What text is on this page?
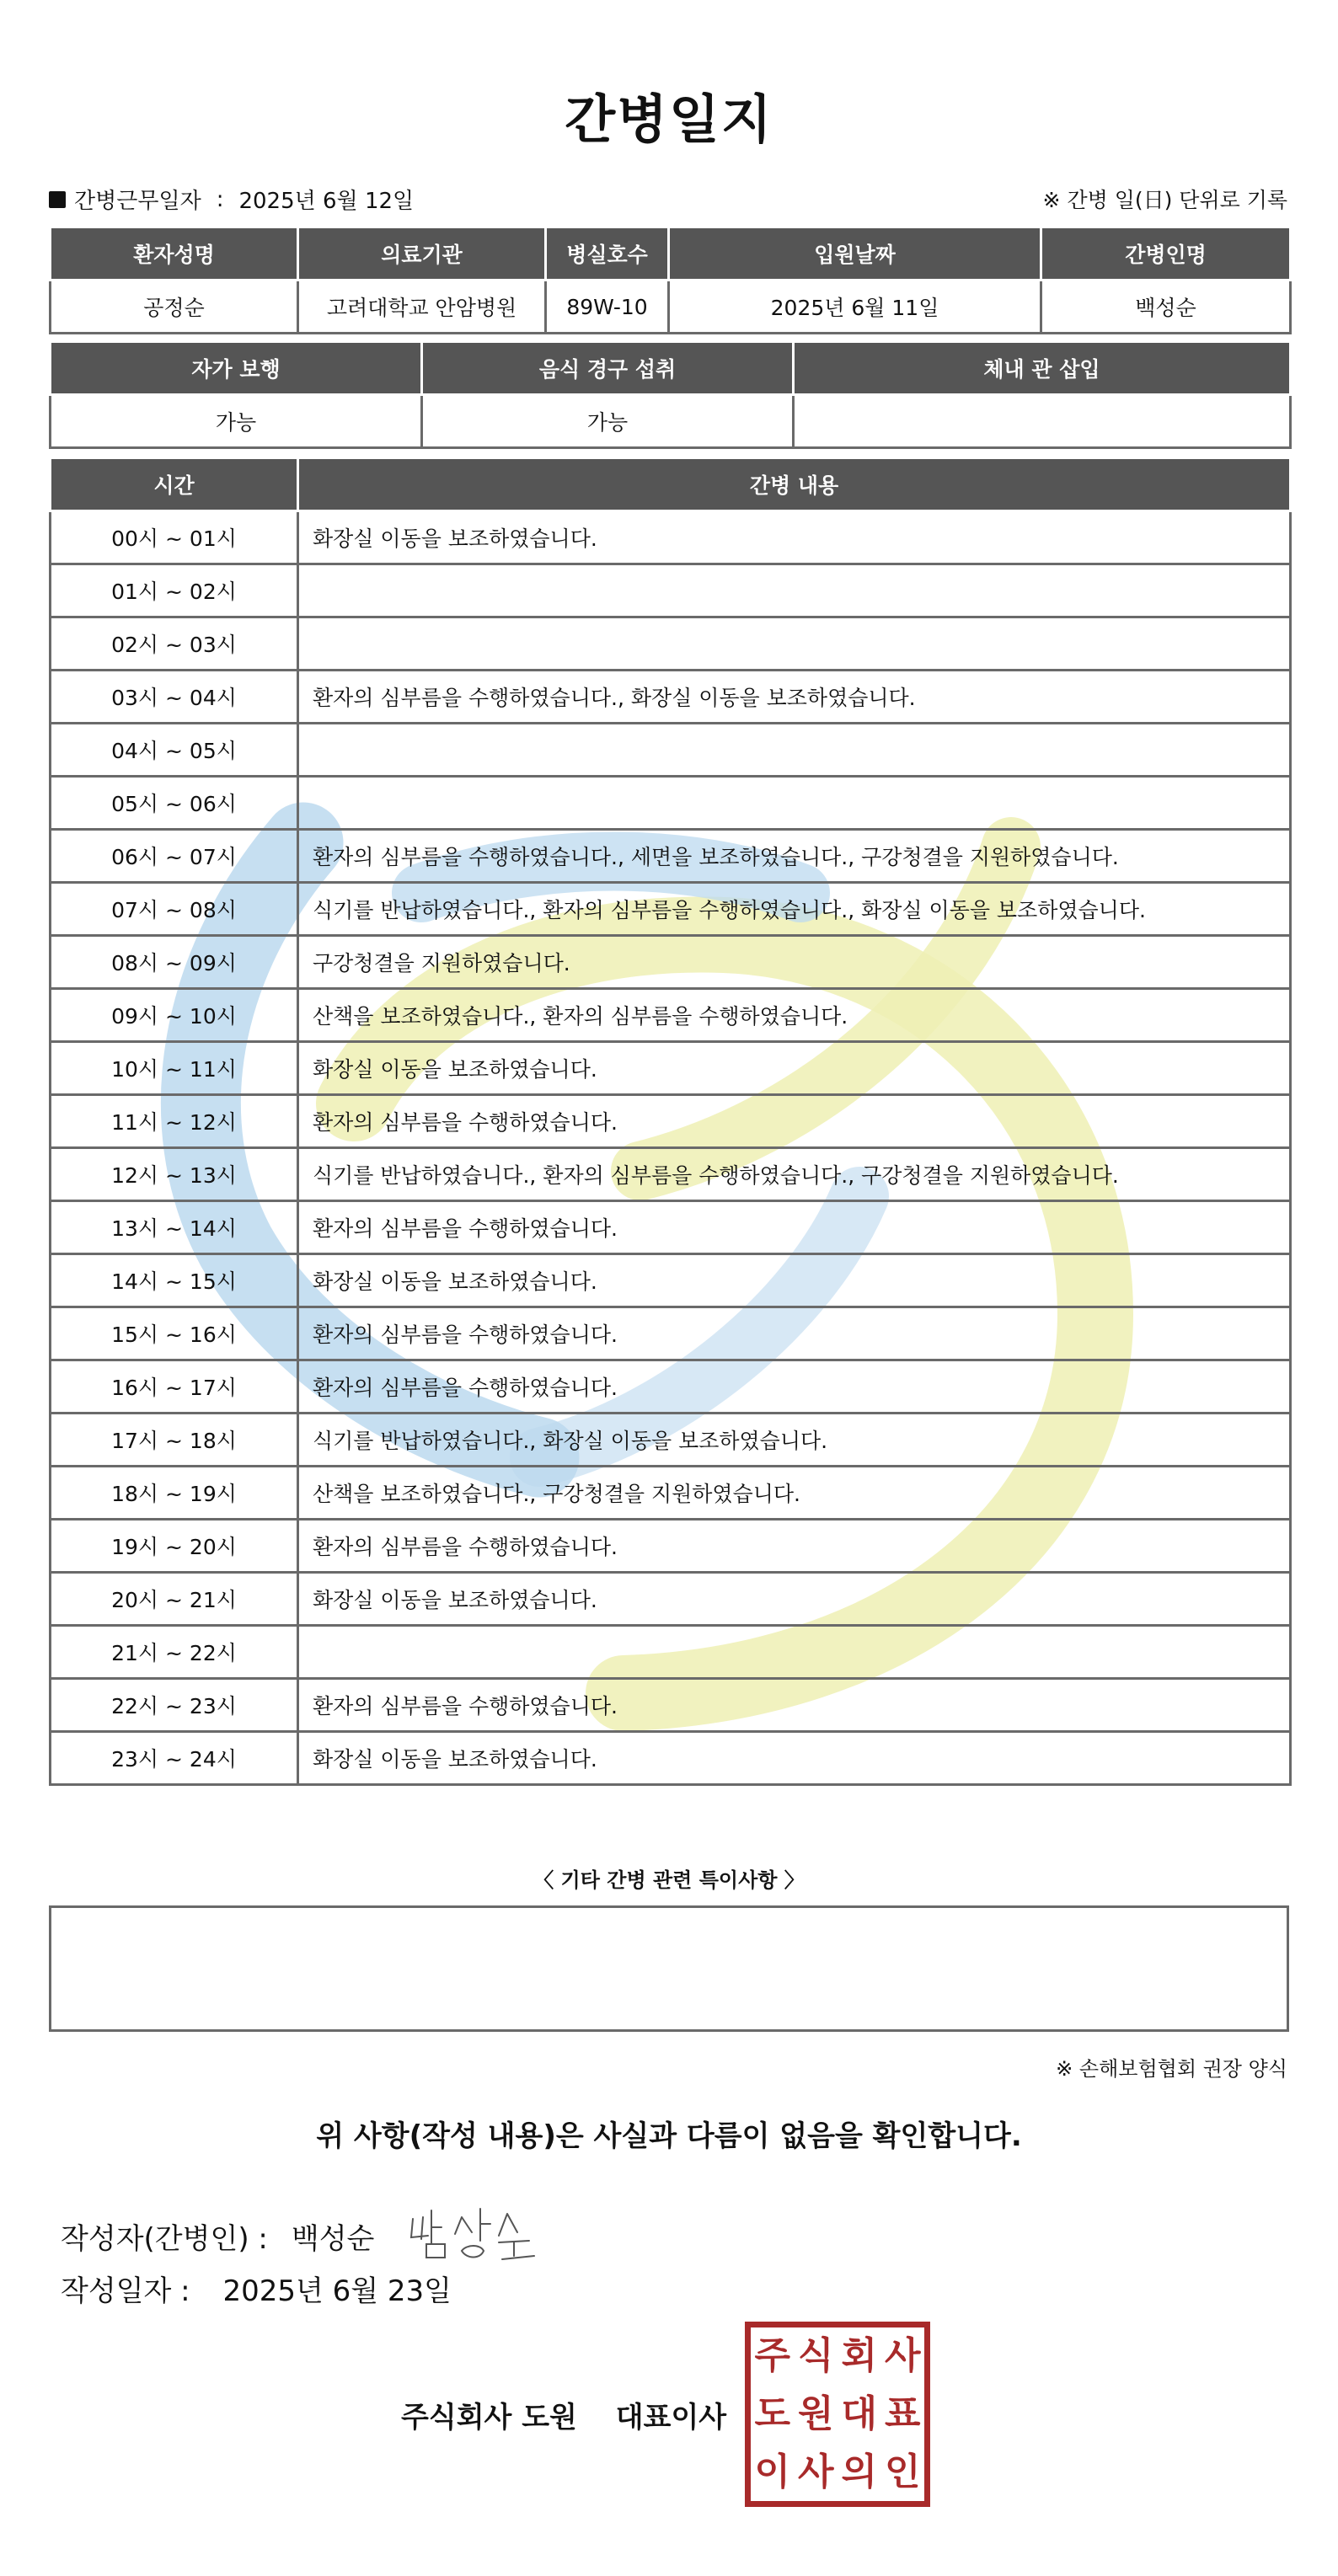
간병일지
간병근무일자 : 2025년 6월 12일	※ 간병 일(日) 단위로 기록
환자성명	의료기관	병실호수	입원날짜	간병인명
공정순	고려대학교 안암병원	89W-10	2025년 6월 11일	백성순
자가 보행	음식 경구 섭취	체내 관 삽입
가능	가능	
시간	간병 내용
00시 ~ 01시	화장실 이동을 보조하였습니다.
01시 ~ 02시	
02시 ~ 03시	
03시 ~ 04시	환자의 심부름을 수행하였습니다., 화장실 이동을 보조하였습니다.
04시 ~ 05시	
05시 ~ 06시	
06시 ~ 07시	환자의 심부름을 수행하였습니다., 세면을 보조하였습니다., 구강청결을 지원하였습니다.
07시 ~ 08시	식기를 반납하였습니다., 환자의 심부름을 수행하였습니다., 화장실 이동을 보조하였습니다.
08시 ~ 09시	구강청결을 지원하였습니다.
09시 ~ 10시	산책을 보조하였습니다., 환자의 심부름을 수행하였습니다.
10시 ~ 11시	화장실 이동을 보조하였습니다.
11시 ~ 12시	환자의 심부름을 수행하였습니다.
12시 ~ 13시	식기를 반납하였습니다., 환자의 심부름을 수행하였습니다., 구강청결을 지원하였습니다.
13시 ~ 14시	환자의 심부름을 수행하였습니다.
14시 ~ 15시	화장실 이동을 보조하였습니다.
15시 ~ 16시	환자의 심부름을 수행하였습니다.
16시 ~ 17시	환자의 심부름을 수행하였습니다.
17시 ~ 18시	식기를 반납하였습니다., 화장실 이동을 보조하였습니다.
18시 ~ 19시	산책을 보조하였습니다., 구강청결을 지원하였습니다.
19시 ~ 20시	환자의 심부름을 수행하였습니다.
20시 ~ 21시	화장실 이동을 보조하였습니다.
21시 ~ 22시	
22시 ~ 23시	환자의 심부름을 수행하였습니다.
23시 ~ 24시	화장실 이동을 보조하였습니다.
〈 기타 간병 관련 특이사항 〉
※ 손해보험협회 권장 양식
위 사항(작성 내용)은 사실과 다름이 없음을 확인합니다.
작성자(간병인) : 백성순
작성일자 : 2025년 6월 23일
주식회사 도원 대표이사
주 식 회 사
도 원 대 표
이 사 의 인
